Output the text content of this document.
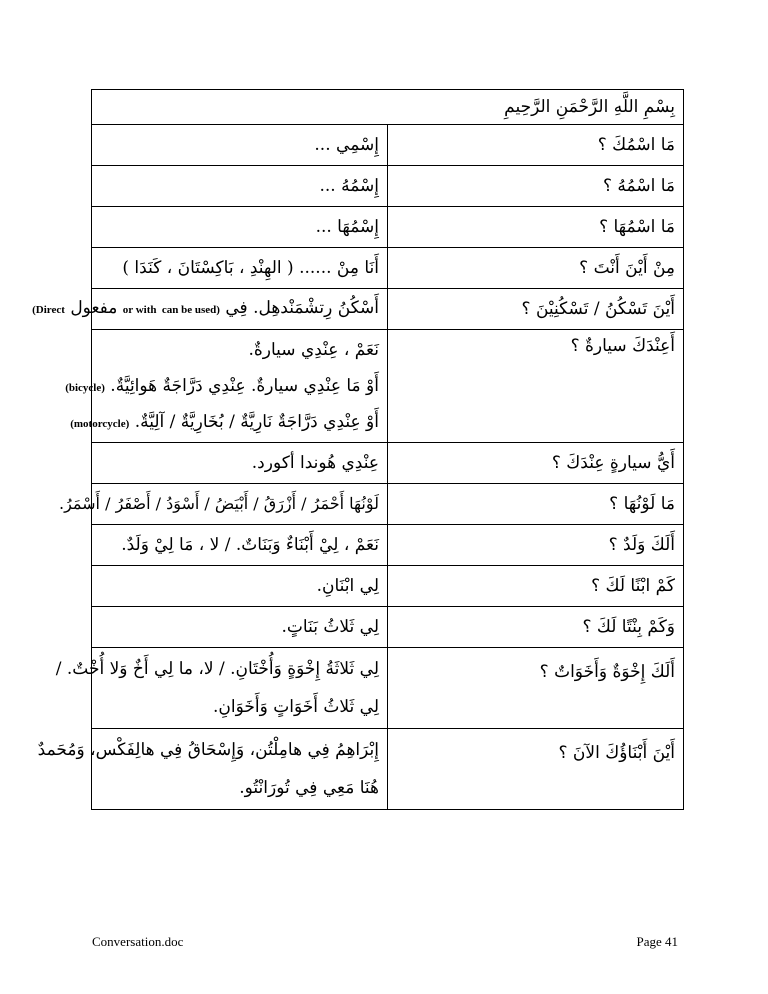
بِسْمِ اللَّهِ الرَّحْمَنِ الرَّحِيمِ	
مَا اسْمُكَ ؟	إِسْمِي ...
مَا اسْمُهُ ؟	إِسْمُهُ ...
مَا اسْمُهَا ؟	إِسْمُهَا ...
مِنْ أَيْنَ أَنْتَ ؟	أَنَا مِنْ ...... ( الهِنْدِ ، بَاكِسْتَانَ ، كَنَدَا )
أَيْنَ تَسْكُنُ / تَسْكُنِيْنَ ؟	أَسْكُنُ رِتشْمَنْدهِل. فِي can be used) or with مفعول (Direct
أَعِنْدَكَ سيارةٌ ؟	نَعَمْ ، عِنْدِي سيارةٌ.
أَوْ مَا عِنْدِي سيارةٌ. عِنْدِي دَرَّاجَةٌ هَوائِيَّةٌ. (bicycle)
أَوْ عِنْدِي دَرَّاجَةٌ نَارِيَّةٌ / بُخَارِيَّةٌ / آلِيَّةٌ. (motorcycle)

أَيُّ سيارةٍ عِنْدَكَ ؟	عِنْدِي هُوندا أكورد.
مَا لَوْنُهَا ؟	لَوْنُهَا أَحْمَرُ / أَزْرَقُ / أَبْيَضُ / أَسْوَدُ / أَصْفَرُ / أَسْمَرُ.
أَلَكَ وَلَدٌ ؟	نَعَمْ ، لِيْ أَبْنَاءٌ وَبَنَاتٌ. / لا ، مَا لِيْ وَلَدٌ.
كَمْ ابْنًا لَكَ ؟	لِي ابْنَانِ.
وَكَمْ بِنْتًا لَكَ ؟	لِي ثَلاثُ بَنَاتٍ.
أَلَكَ إِخْوَةٌ وَأَخَوَاتٌ ؟	لِي ثَلاثَةُ إِخْوَةٍ وَأُخْتَانِ. / لا، ما لِي أَخٌ وَلا أُخْتٌ. /
لِي ثَلاثُ أَخَوَاتٍ وَأَخَوَانِ.

أَيْنَ أَبْنَاؤُكَ الآنَ ؟	إِبْرَاهِمُ فِي هامِلْتُن، وَإِسْحَاقُ فِي هالِفَكْس، وَمُحَمدٌ
هُنَا مَعِي فِي تُورَانْتُو.
Conversation.doc	Page 41
